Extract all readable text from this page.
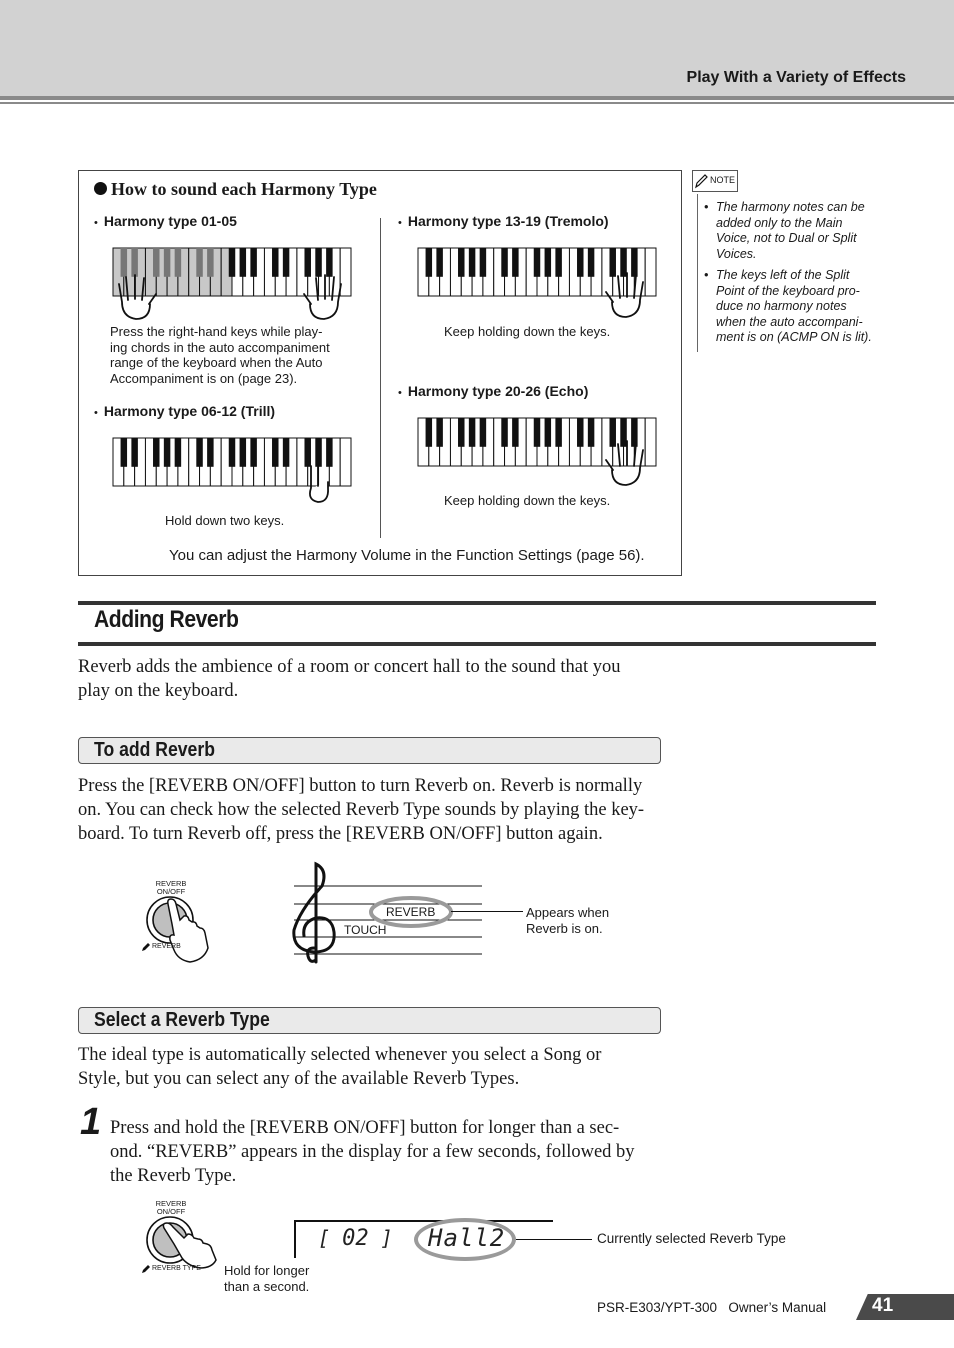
Play With a Variety of Effects
How to sound each Harmony Type
• Harmony type 01-05
Press the right-hand keys while play-
ing chords in the auto accompaniment
range of the keyboard when the Auto
Accompaniment is on (page 23).
• Harmony type 06-12 (Trill)
Hold down two keys.
• Harmony type 13-19 (Tremolo)
Keep holding down the keys.
• Harmony type 20-26 (Echo)
Keep holding down the keys.
You can adjust the Harmony Volume in the Function Settings (page 56).
NOTE
• The harmony notes can be
added only to the Main
Voice, not to Dual or Split
Voices.
• The keys left of the Split
Point of the keyboard pro-
duce no harmony notes
when the auto accompani-
ment is on (ACMP ON is lit).
Adding Reverb
Reverb adds the ambience of a room or concert hall to the sound that you
play on the keyboard.
To add Reverb
Press the [REVERB ON/OFF] button to turn Reverb on. Reverb is normally
on. You can check how the selected Reverb Type sounds by playing the key-
board. To turn Reverb off, press the [REVERB ON/OFF] button again.
REVERB
ON/OFF
REVERB
REVERB
TOUCH
Appears when
Reverb is on.
Select a Reverb Type
The ideal type is automatically selected whenever you select a Song or
Style, but you can select any of the available Reverb Types.
1 Press and hold the [REVERB ON/OFF] button for longer than a sec-
ond. “REVERB” appears in the display for a few seconds, followed by
the Reverb Type.
REVERB
ON/OFF
REVERB TYPE Hold for longer
than a second.
[ 02 ] Hall2	Currently selected Reverb Type
PSR-E303/YPT-300   Owner’s Manual 41
